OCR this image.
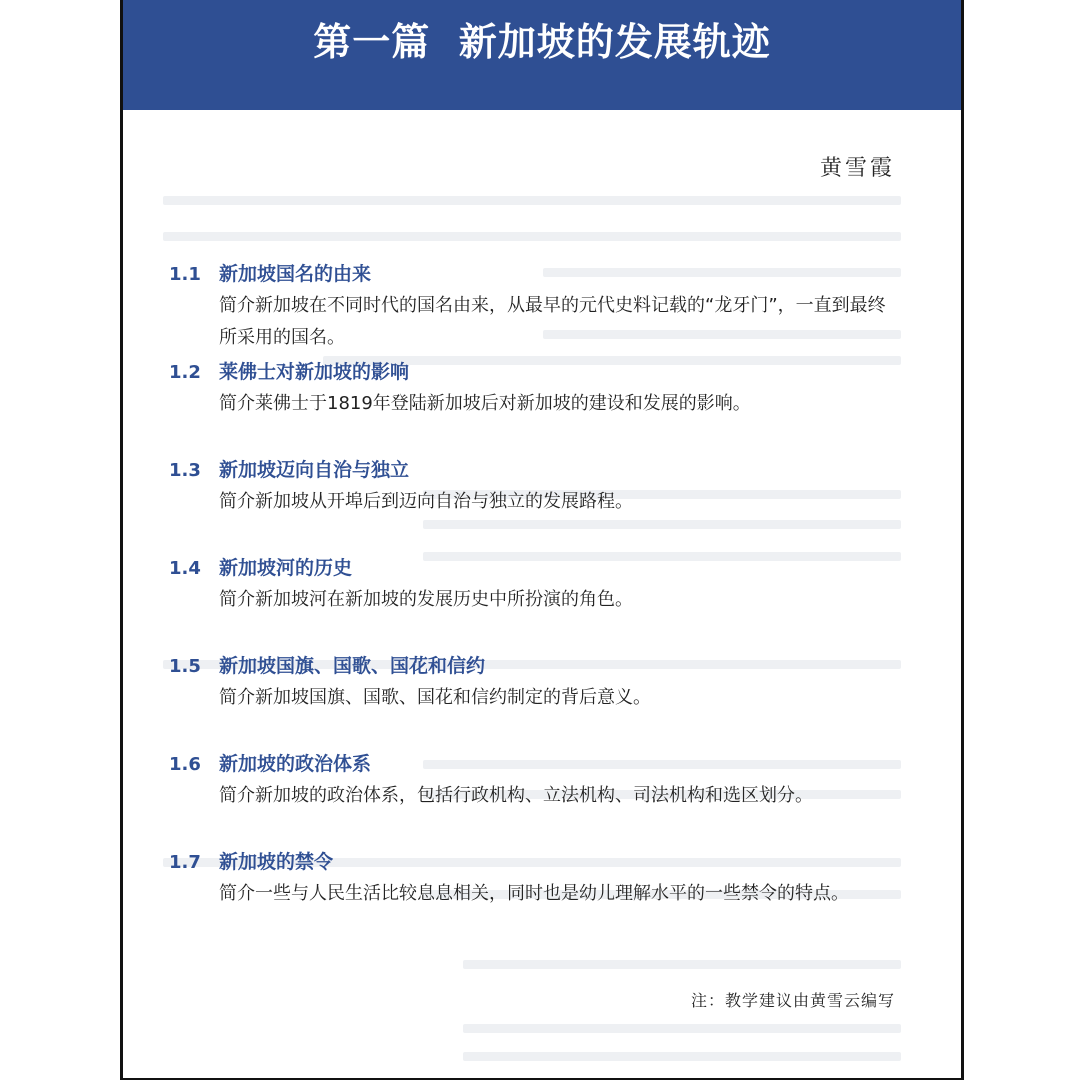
第一篇  新加坡的发展轨迹
黄雪霞
1.1 新加坡国名的由来
简介新加坡在不同时代的国名由来，从最早的元代史料记载的“龙牙门”，一直到最终所采用的国名。
1.2 莱佛士对新加坡的影响
简介莱佛士于1819年登陆新加坡后对新加坡的建设和发展的影响。
1.3 新加坡迈向自治与独立
简介新加坡从开埠后到迈向自治与独立的发展路程。
1.4 新加坡河的历史
简介新加坡河在新加坡的发展历史中所扮演的角色。
1.5 新加坡国旗、国歌、国花和信约
简介新加坡国旗、国歌、国花和信约制定的背后意义。
1.6 新加坡的政治体系
简介新加坡的政治体系，包括行政机构、立法机构、司法机构和选区划分。
1.7 新加坡的禁令
简介一些与人民生活比较息息相关，同时也是幼儿理解水平的一些禁令的特点。
注：教学建议由黄雪云编写
